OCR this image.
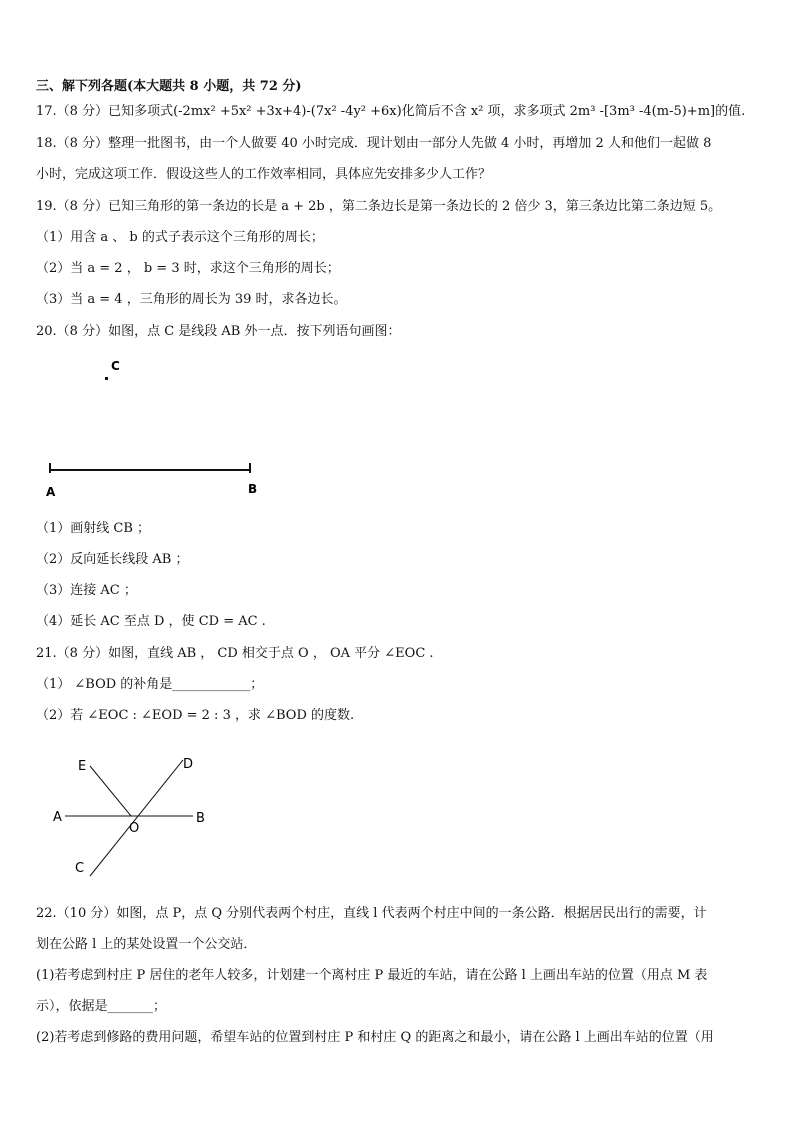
三、解下列各题(本大题共 8 小题，共 72 分)
17.（8 分）已知多项式(-2mx² +5x² +3x+4)-(7x² -4y² +6x)化简后不含 x² 项，求多项式 2m³ -[3m³ -4(m-5)+m]的值.
18.（8 分）整理一批图书，由一个人做要 40 小时完成．现计划由一部分人先做 4 小时，再增加 2 人和他们一起做 8
小时，完成这项工作．假设这些人的工作效率相同，具体应先安排多少人工作？
19.（8 分）已知三角形的第一条边的长是 a + 2b ，第二条边长是第一条边长的 2 倍少 3，第三条边比第二条边短 5。
（1）用含 a 、 b 的式子表示这个三角形的周长；
（2）当 a = 2 ， b = 3 时，求这个三角形的周长；
（3）当 a = 4 ，三角形的周长为 39 时，求各边长。
20.（8 分）如图，点 C 是线段 AB 外一点．按下列语句画图：
C
A	B
（1）画射线 CB ；
（2）反向延长线段 AB ；
（3）连接 AC ；
（4）延长 AC 至点 D ，使 CD = AC .
21.（8 分）如图，直线 AB ， CD 相交于点 O ， OA 平分 ∠EOC .
（1） ∠BOD 的补角是____________；
（2）若 ∠EOC : ∠EOD = 2 : 3 ，求 ∠BOD 的度数.
E	D
A	B
O
C
22.（10 分）如图，点 P，点 Q 分别代表两个村庄，直线 l 代表两个村庄中间的一条公路．根据居民出行的需要，计
划在公路 l 上的某处设置一个公交站．
(1)若考虑到村庄 P 居住的老年人较多，计划建一个离村庄 P 最近的车站，请在公路 l 上画出车站的位置（用点 M 表
示），依据是_______；
(2)若考虑到修路的费用问题，希望车站的位置到村庄 P 和村庄 Q 的距离之和最小，请在公路 l 上画出车站的位置（用
